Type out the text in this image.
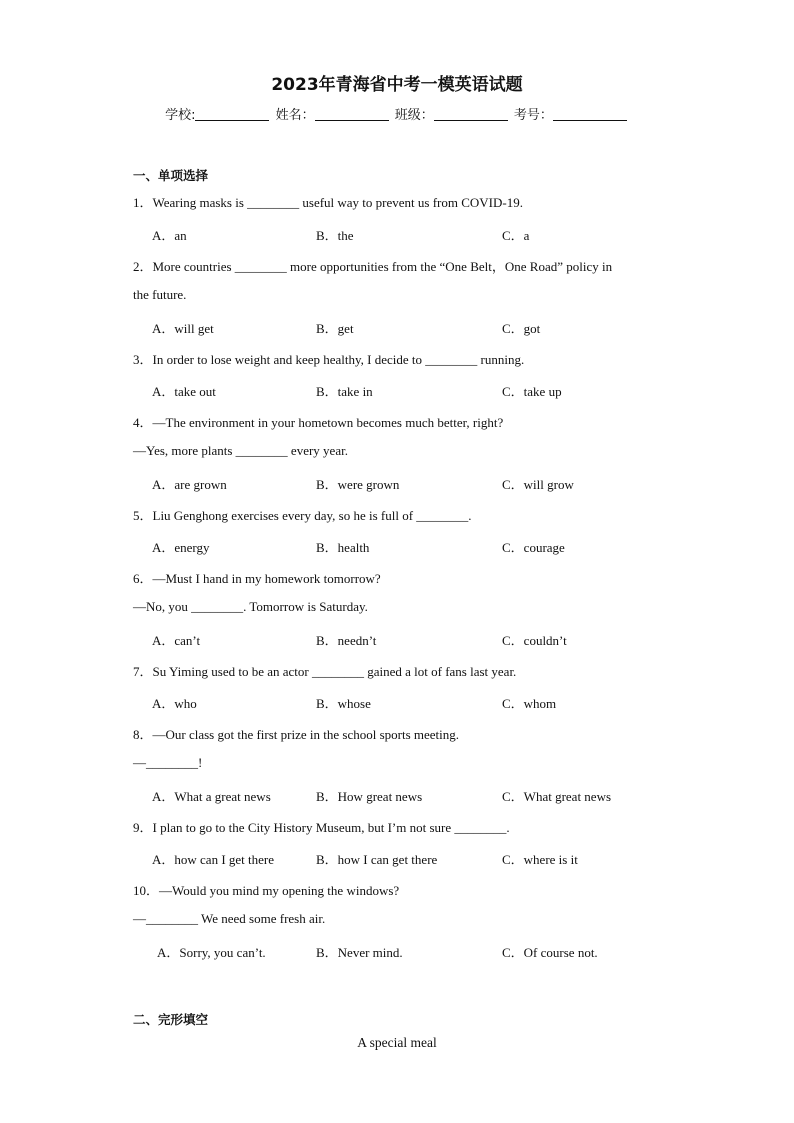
2023年青海省中考一模英语试题
学校:	姓名：	班级：	考号：
一、单项选择
1．Wearing masks is ________ useful way to prevent us from COVID-19.
A．an	B．the	C．a
2．More countries ________ more opportunities from the “One Belt，One Road” policy in
the future.
A．will get	B．get	C．got
3．In order to lose weight and keep healthy, I decide to ________ running.
A．take out	B．take in	C．take up
4．—The environment in your hometown becomes much better, right?
—Yes, more plants ________ every year.
A．are grown	B．were grown	C．will grow
5．Liu Genghong exercises every day, so he is full of ________.
A．energy	B．health	C．courage
6．—Must I hand in my homework tomorrow?
—No, you ________. Tomorrow is Saturday.
A．can’t	B．needn’t	C．couldn’t
7．Su Yiming used to be an actor ________ gained a lot of fans last year.
A．who	B．whose	C．whom
8．—Our class got the first prize in the school sports meeting.
—________!
A．What a great news	B．How great news	C．What great news
9．I plan to go to the City History Museum, but I’m not sure ________.
A．how can I get there	B．how I can get there	C．where is it
10．—Would you mind my opening the windows?
—________ We need some fresh air.
A．Sorry, you can’t.	B．Never mind.	C．Of course not.
二、完形填空
A special meal
